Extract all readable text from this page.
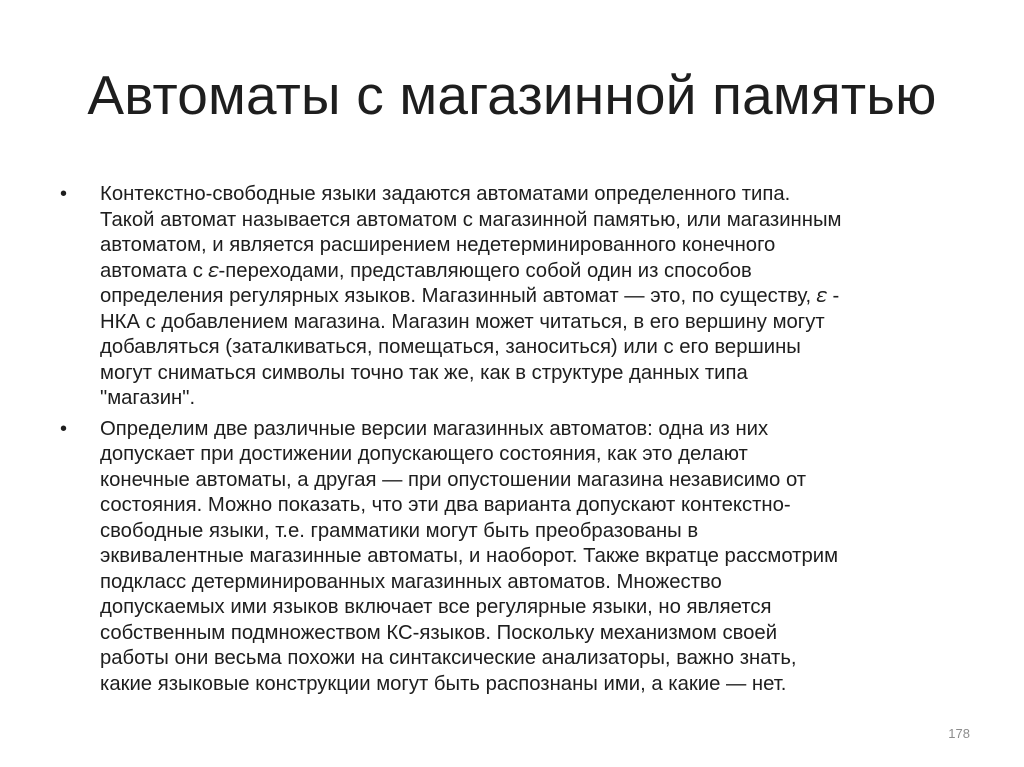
Автоматы с магазинной памятью
•	Контекстно-свободные языки задаются автоматами определенного типа.
Такой автомат называется автоматом с магазинной памятью, или магазинным
автоматом, и является расширением недетерминированного конечного
автомата с 𝜀-переходами, представляющего собой один из способов
определения регулярных языков. Магазинный автомат — это, по существу, 𝜀 -
НКА с добавлением магазина. Магазин может читаться, в его вершину могут
добавляться (заталкиваться, помещаться, заноситься) или с его вершины
могут сниматься символы точно так же, как в структуре данных типа
"магазин".
•	Определим две различные версии магазинных автоматов: одна из них
допускает при достижении допускающего состояния, как это делают
конечные автоматы, а другая — при опустошении магазина независимо от
состояния. Можно показать, что эти два варианта допускают контекстно-
свободные языки, т.е. грамматики могут быть преобразованы в
эквивалентные магазинные автоматы, и наоборот. Также вкратце рассмотрим
подкласс детерминированных магазинных автоматов. Множество
допускаемых ими языков включает все регулярные языки, но является
собственным подмножеством КС-языков. Поскольку механизмом своей
работы они весьма похожи на синтаксические анализаторы, важно знать,
какие языковые конструкции могут быть распознаны ими, а какие — нет.
178
